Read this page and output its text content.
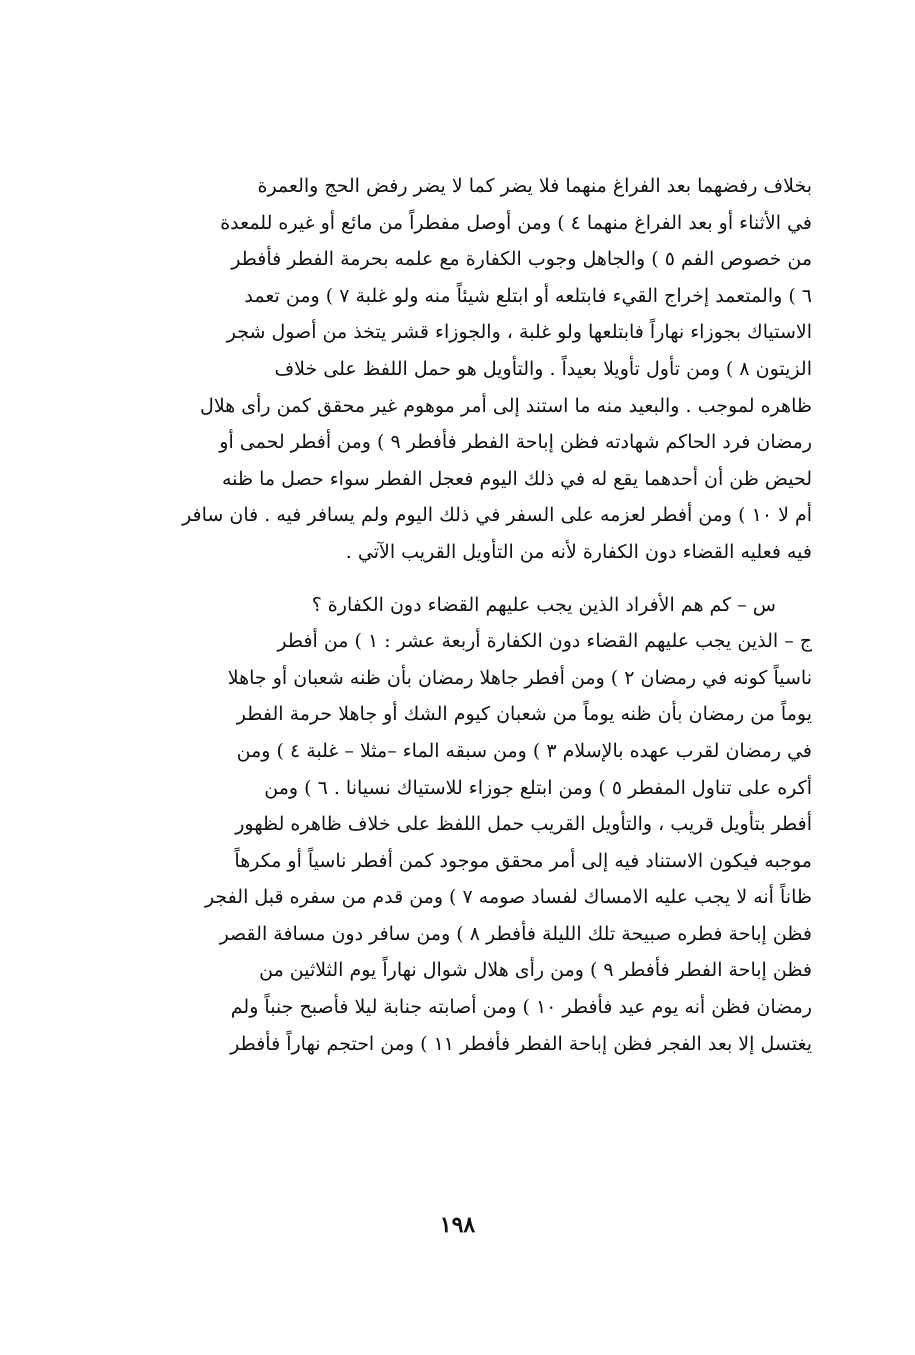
بخلاف رفضهما بعد الفراغ منهما فلا يضر كما لا يضر رفض الحج والعمرة
في الأثناء أو بعد الفراغ منهما ٤ ) ومن أوصل مفطراً من مائع أو غيره للمعدة
من خصوص الفم ٥ ) والجاهل وجوب الكفارة مع علمه بحرمة الفطر فأفطر
٦ ) والمتعمد إخراج القيء فابتلعه أو ابتلع شيئاً منه ولو غلبة ٧ ) ومن تعمد
الاستياك بجوزاء نهاراً فابتلعها ولو غلبة ، والجوزاء قشر يتخذ من أصول شجر
الزيتون ٨ ) ومن تأول تأويلا بعيداً . والتأويل هو حمل اللفظ على خلاف
ظاهره لموجب . والبعيد منه ما استند إلى أمر موهوم غير محقق كمن رأى هلال
رمضان فرد الحاكم شهادته فظن إباحة الفطر فأفطر ٩ ) ومن أفطر لحمى أو
لحيض ظن أن أحدهما يقع له في ذلك اليوم فعجل الفطر سواء حصل ما ظنه
أم لا ١٠ ) ومن أفطر لعزمه على السفر في ذلك اليوم ولم يسافر فيه . فان سافر
فيه فعليه القضاء دون الكفارة لأنه من التأويل القريب الآتي .
س – كم هم الأفراد الذين يجب عليهم القضاء دون الكفارة ؟
ج – الذين يجب عليهم القضاء دون الكفارة أربعة عشر : ١ ) من أفطر
ناسياً كونه في رمضان ٢ ) ومن أفطر جاهلا رمضان بأن ظنه شعبان أو جاهلا
يوماً من رمضان بأن ظنه يوماً من شعبان كيوم الشك أو جاهلا حرمة الفطر
في رمضان لقرب عهده بالإسلام ٣ ) ومن سبقه الماء –مثلا – غلبة ٤ ) ومن
أكره على تناول المفطر ٥ ) ومن ابتلع جوزاء للاستياك نسيانا . ٦ ) ومن
أفطر بتأويل قريب ، والتأويل القريب حمل اللفظ على خلاف ظاهره لظهور
موجبه فيكون الاستناد فيه إلى أمر محقق موجود كمن أفطر ناسياً أو مكرهاً
ظاناً أنه لا يجب عليه الامساك لفساد صومه ٧ ) ومن قدم من سفره قبل الفجر
فظن إباحة فطره صبيحة تلك الليلة فأفطر ٨ ) ومن سافر دون مسافة القصر
فظن إباحة الفطر فأفطر ٩ ) ومن رأى هلال شوال نهاراً يوم الثلاثين من
رمضان فظن أنه يوم عيد فأفطر ١٠ ) ومن أصابته جنابة ليلا فأصبح جنباً ولم
يغتسل إلا بعد الفجر فظن إباحة الفطر فأفطر ١١ ) ومن احتجم نهاراً فأفطر
١٩٨
